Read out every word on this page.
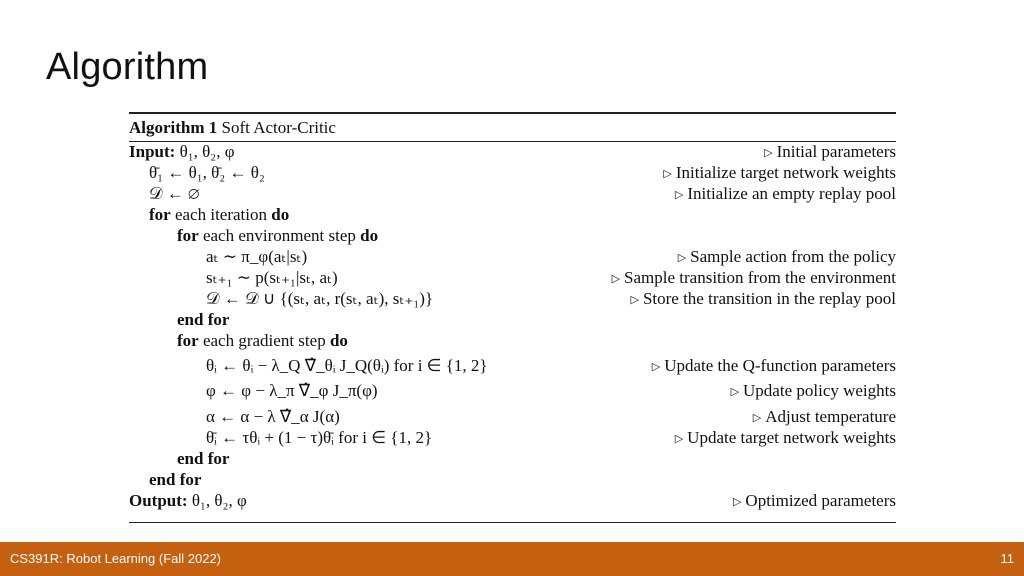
Algorithm
Algorithm 1 Soft Actor-Critic
Input: θ₁, θ₂, φ	▷ Initial parameters
θ̄₁ ← θ₁, θ̄₂ ← θ₂	▷ Initialize target network weights
𝒟 ← ∅	▷ Initialize an empty replay pool
for each iteration do
for each environment step do
aₜ ∼ π_φ(aₜ|sₜ)	▷ Sample action from the policy
sₜ₊₁ ∼ p(sₜ₊₁|sₜ, aₜ)	▷ Sample transition from the environment
𝒟 ← 𝒟 ∪ {(sₜ, aₜ, r(sₜ, aₜ), sₜ₊₁)}	▷ Store the transition in the replay pool
end for
for each gradient step do
θᵢ ← θᵢ − λ_Q ∇̂_θᵢ J_Q(θᵢ) for i ∈ {1, 2}	▷ Update the Q-function parameters
φ ← φ − λ_π ∇̂_φ J_π(φ)	▷ Update policy weights
α ← α − λ ∇̂_α J(α)	▷ Adjust temperature
θ̄ᵢ ← τθᵢ + (1 − τ)θ̄ᵢ for i ∈ {1, 2}	▷ Update target network weights
end for
end for
Output: θ₁, θ₂, φ	▷ Optimized parameters
CS391R: Robot Learning (Fall 2022)	11
